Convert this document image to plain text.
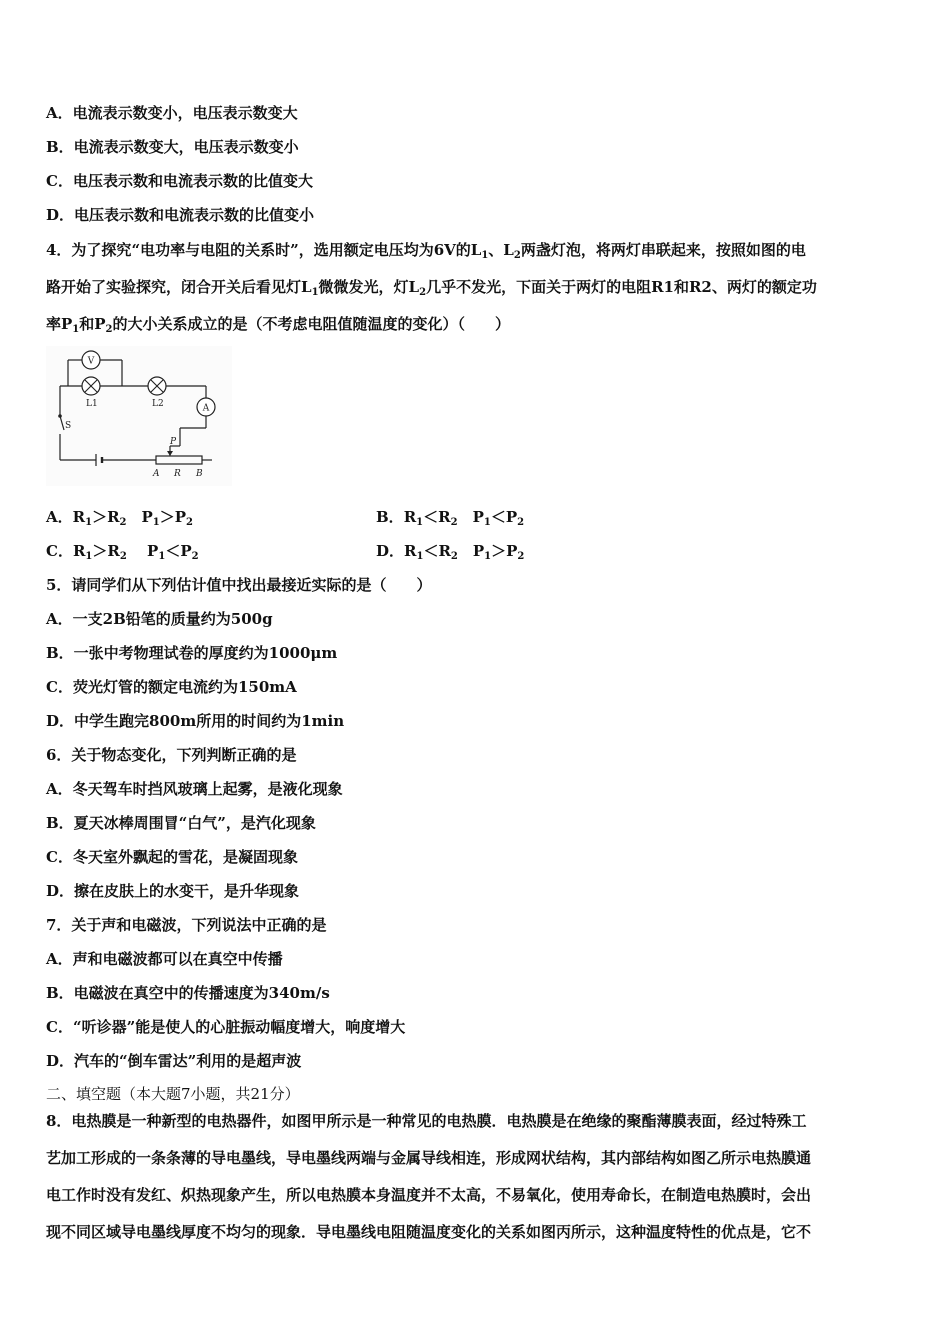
A．电流表示数变小，电压表示数变大
B．电流表示数变大，电压表示数变小
C．电压表示数和电流表示数的比值变大
D．电压表示数和电流表示数的比值变小
4．为了探究“电功率与电阻的关系时”，选用额定电压均为6V的$L_1$、$L_2$两盏灯泡，将两灯串联起来，按照如图的电
路开始了实验探究，闭合开关后看见灯$L_1$微微发光，灯$L_2$几乎不发光，下面关于两灯的电阻R1和R2、两灯的额定功
率$P_1$和$P_2$的大小关系成立的是（不考虑电阻值随温度的变化）（　　）
V
L1	L2	A
S
P
A R B
A．$R_1>R_2$　$P_1>P_2$	B．$R_1<R_2$　$P_1<P_2$
C．$R_1>R_2$　 $P_1<P_2$	D．$R_1<R_2$　$P_1>P_2$
5．请同学们从下列估计值中找出最接近实际的是（　　）
A．一支2B铅笔的质量约为500g
B．一张中考物理试卷的厚度约为1000μm
C．荧光灯管的额定电流约为150mA
D．中学生跑完800m所用的时间约为1min
6．关于物态变化，下列判断正确的是
A．冬天驾车时挡风玻璃上起雾，是液化现象
B．夏天冰棒周围冒“白气”，是汽化现象
C．冬天室外飘起的雪花，是凝固现象
D．擦在皮肤上的水变干，是升华现象
7．关于声和电磁波，下列说法中正确的是
A．声和电磁波都可以在真空中传播
B．电磁波在真空中的传播速度为340m/s
C．“听诊器”能是使人的心脏振动幅度增大，响度增大
D．汽车的“倒车雷达”利用的是超声波
二、填空题（本大题7小题，共21分）
8．电热膜是一种新型的电热器件，如图甲所示是一种常见的电热膜．电热膜是在绝缘的聚酯薄膜表面，经过特殊工
艺加工形成的一条条薄的导电墨线，导电墨线两端与金属导线相连，形成网状结构，其内部结构如图乙所示电热膜通
电工作时没有发红、炽热现象产生，所以电热膜本身温度并不太高，不易氧化，使用寿命长，在制造电热膜时，会出
现不同区域导电墨线厚度不均匀的现象．导电墨线电阻随温度变化的关系如图丙所示，这种温度特性的优点是，它不
